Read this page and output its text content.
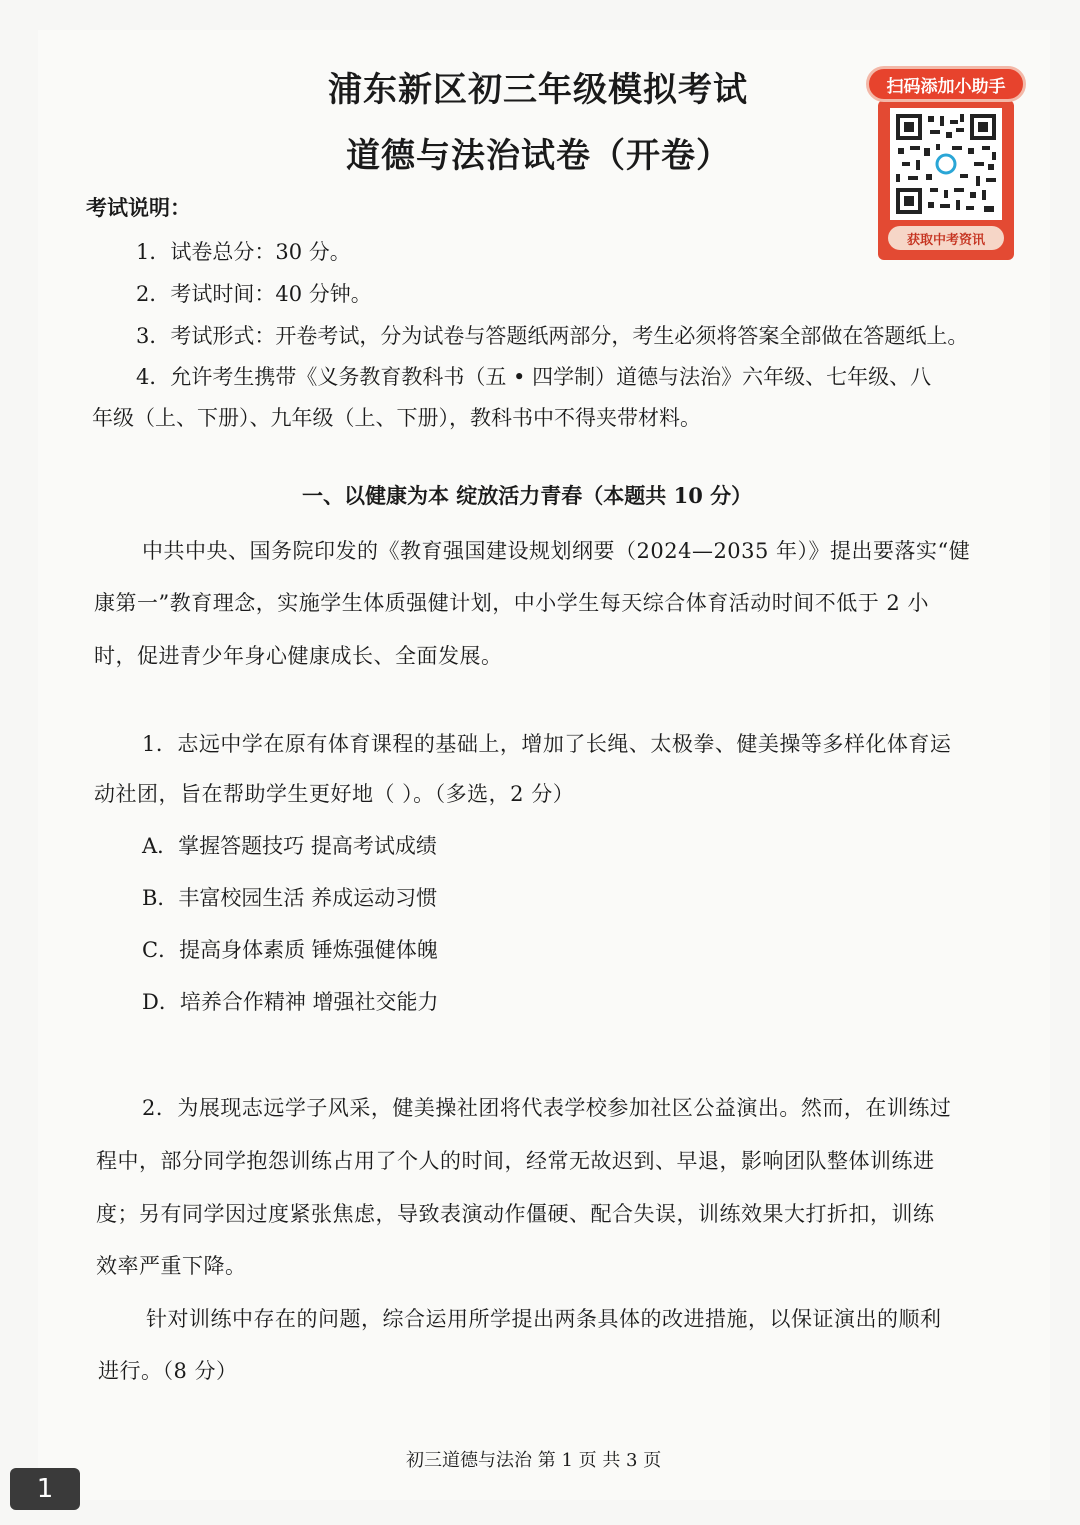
浦东新区初三年级模拟考试
道德与法治试卷（开卷）
获取中考资讯
扫码添加小助手
考试说明：
1．试卷总分：30 分。
2．考试时间：40 分钟。
3．考试形式：开卷考试，分为试卷与答题纸两部分，考生必须将答案全部做在答题纸上。
4．允许考生携带《义务教育教科书（五 • 四学制）道德与法治》六年级、七年级、八
年级（上、下册）、九年级（上、下册），教科书中不得夹带材料。
一、以健康为本 绽放活力青春（本题共 10 分）
中共中央、国务院印发的《教育强国建设规划纲要（2024—2035 年）》提出要落实“健
康第一”教育理念，实施学生体质强健计划，中小学生每天综合体育活动时间不低于 2 小
时，促进青少年身心健康成长、全面发展。
1．志远中学在原有体育课程的基础上，增加了长绳、太极拳、健美操等多样化体育运
动社团，旨在帮助学生更好地（ ）。（多选，2 分）
A．掌握答题技巧 提高考试成绩
B．丰富校园生活 养成运动习惯
C．提高身体素质 锤炼强健体魄
D．培养合作精神 增强社交能力
2．为展现志远学子风采，健美操社团将代表学校参加社区公益演出。然而，在训练过
程中，部分同学抱怨训练占用了个人的时间，经常无故迟到、早退，影响团队整体训练进
度；另有同学因过度紧张焦虑，导致表演动作僵硬、配合失误，训练效果大打折扣，训练
效率严重下降。
针对训练中存在的问题，综合运用所学提出两条具体的改进措施，以保证演出的顺利
进行。（8 分）
初三道德与法治 第 1 页 共 3 页
1
